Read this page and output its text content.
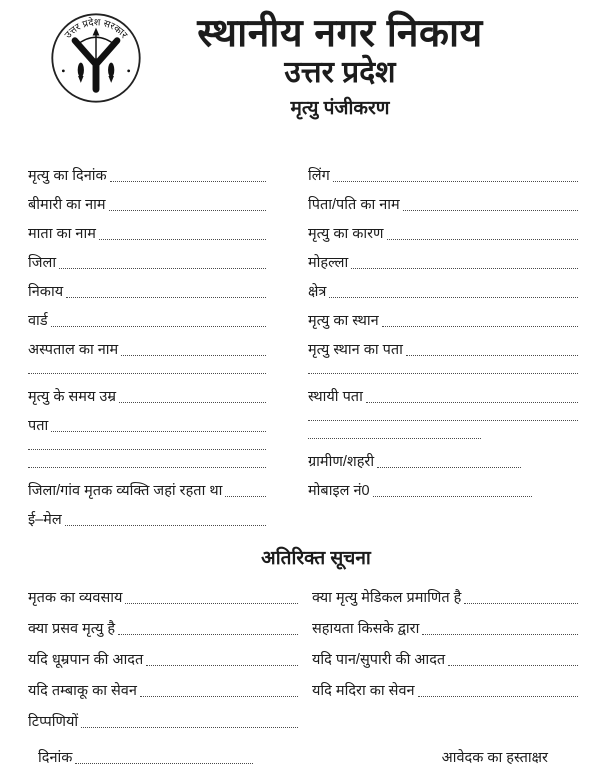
उत्तर प्रदेश सरकार	स्थानीय नगर निकाय
उत्तर प्रदेश
मृत्यु पंजीकरण
मृत्यु का दिनांक
बीमारी का नाम
माता का नाम
जिला
निकाय
वार्ड
अस्पताल का नाम
मृत्यु के समय उम्र
पता
जिला/गांव मृतक व्यक्ति जहां रहता था
ई–मेल
लिंग
पिता/पति का नाम
मृत्यु का कारण
मोहल्ला
क्षेत्र
मृत्यु का स्थान
मृत्यु स्थान का पता
स्थायी पता
ग्रामीण/शहरी
मोबाइल नं0
अतिरिक्त सूचना
मृतक का व्यवसाय
क्या प्रसव मृत्यु है
यदि धूम्रपान की आदत
यदि तम्बाकू का सेवन
टिप्पणियों
क्या मृत्यु मेडिकल प्रमाणित है
सहायता किसके द्वारा
यदि पान/सुपारी की आदत
यदि मदिरा का सेवन
दिनांक	आवेदक का हस्ताक्षर
